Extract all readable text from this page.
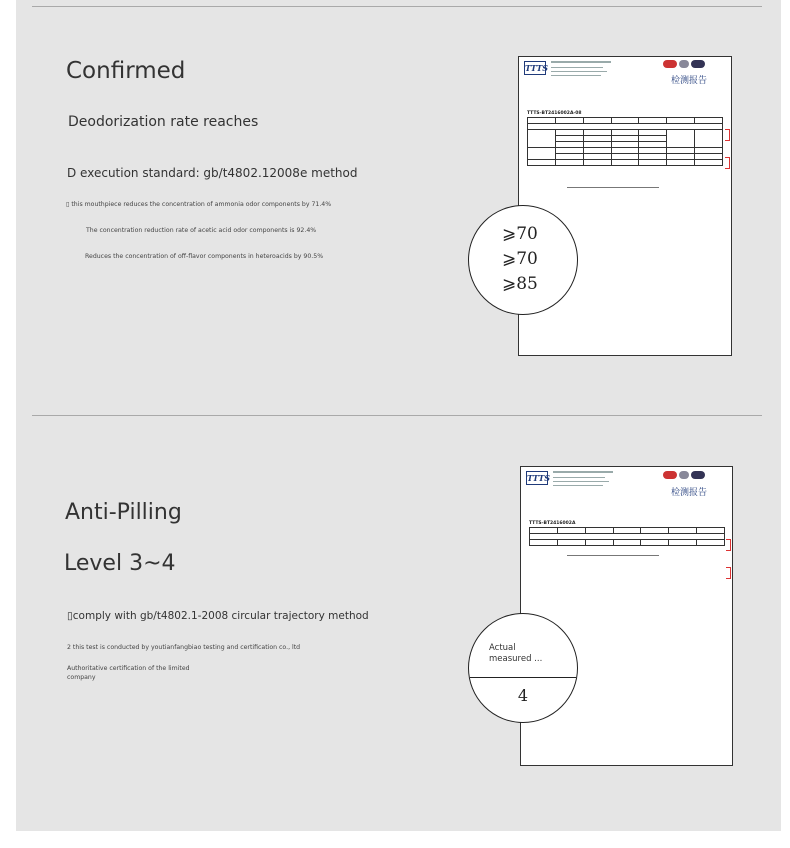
Confirmed
Deodorization rate reaches
D execution standard: gb/t4802.12008e method
▯ this mouthpiece reduces the concentration of ammonia odor components by 71.4%
The concentration reduction rate of acetic acid odor components is 92.4%
Reduces the concentration of off-flavor components in heteroacids by 90.5%
TTTS
检测报告
TTTS-BT2416002A-08

⩾70
⩾70
⩾85
Anti-Pilling
Level 3~4
▯comply with gb/t4802.1-2008 circular trajectory method
2 this test is conducted by youtianfangbiao testing and certification co., ltd
Authoritative certification of the limited
company
TTTS
检测报告
TTTS-BT2416002A

Actual
measured ...
4
